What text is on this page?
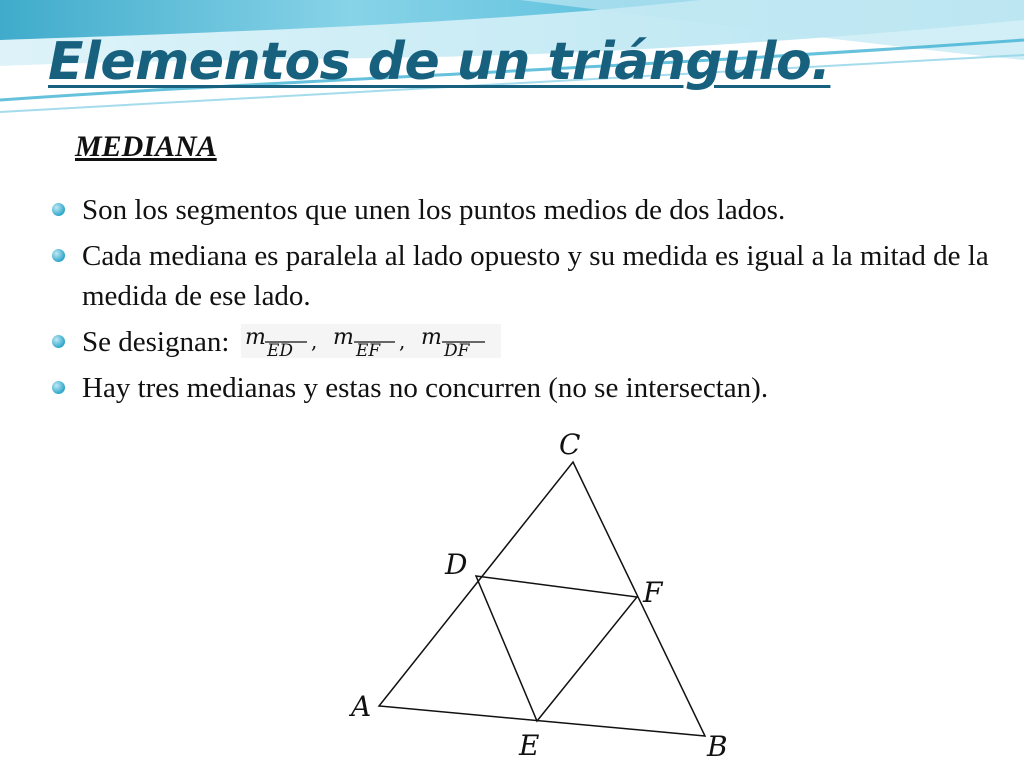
Elementos de un triángulo.
MEDIANA
Son los segmentos que unen los puntos medios de dos lados.
Cada mediana es paralela al lado opuesto y su medida es igual a la mitad de la medida de ese lado.
Se designan: m
ED , m
EF , m
DF
Hay tres medianas y estas no concurren (no se intersectan).
C
D
F
A
E	B
